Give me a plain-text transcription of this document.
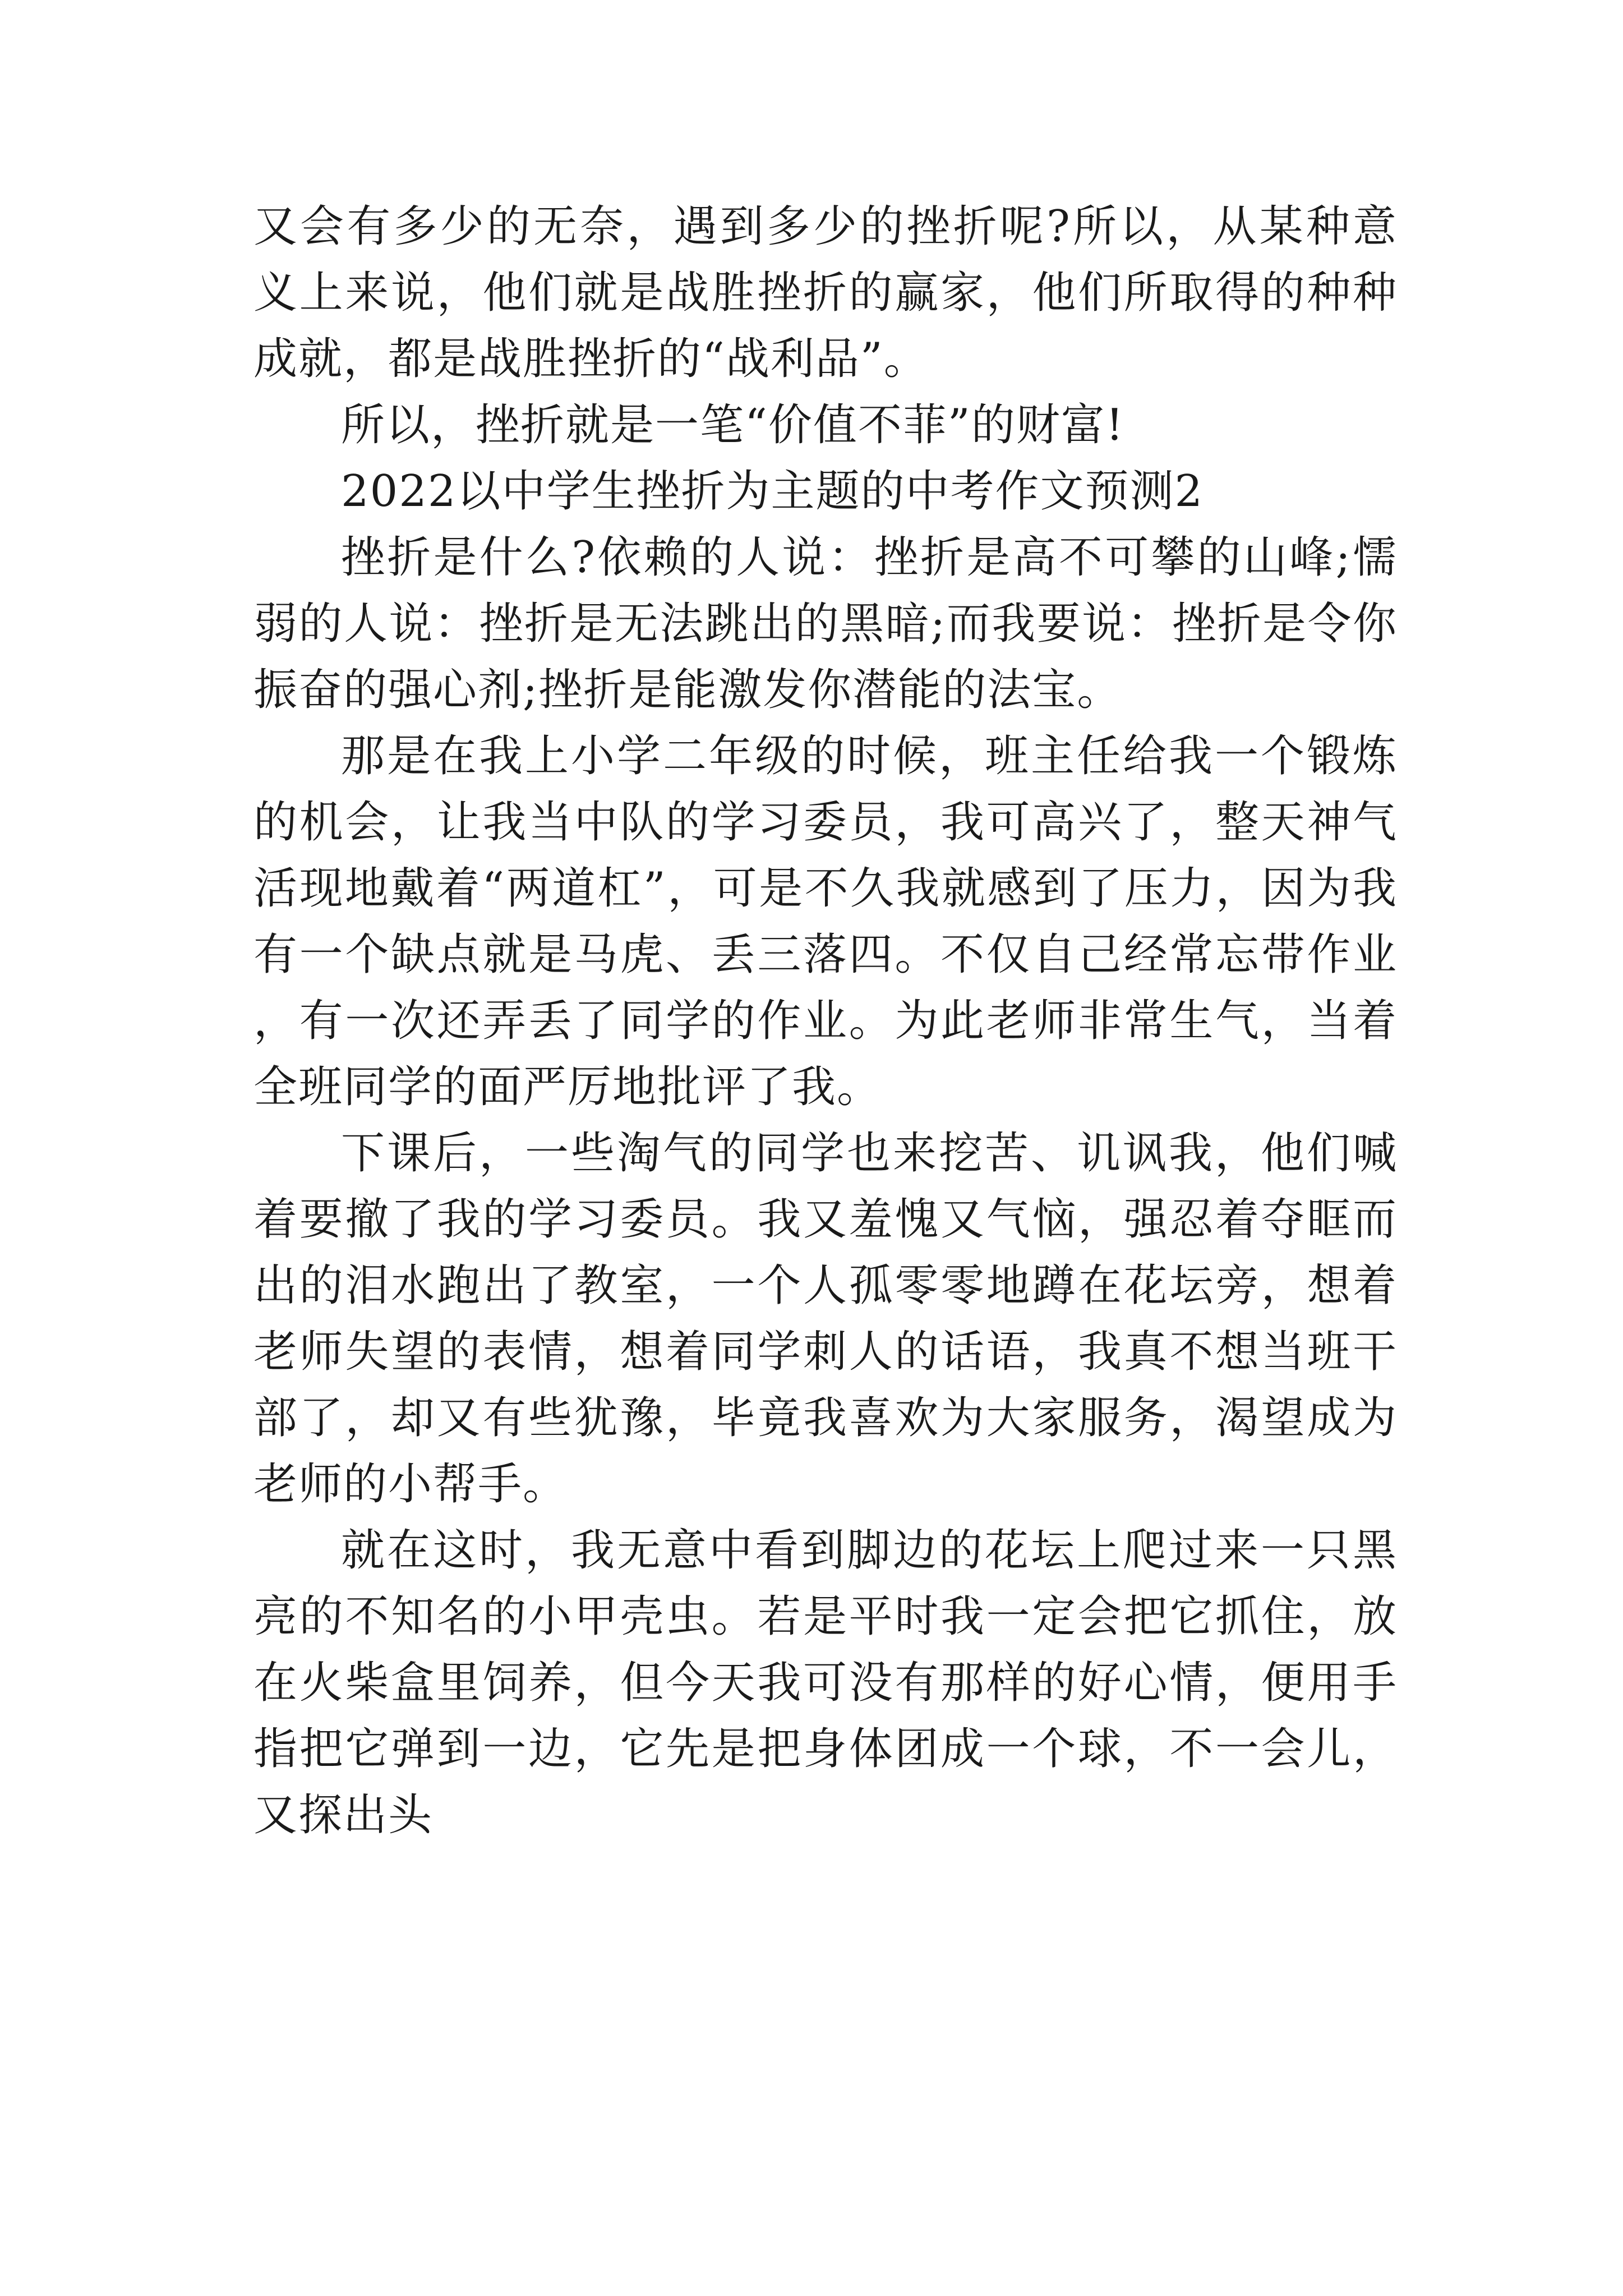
又会有多少的无奈，遇到多少的挫折呢?所以，从某种意义上来说，他们就是战胜挫折的赢家，他们所取得的种种成就，都是战胜挫折的“战利品”。

所以，挫折就是一笔“价值不菲”的财富!

2022以中学生挫折为主题的中考作文预测2

挫折是什么?依赖的人说：挫折是高不可攀的山峰;懦弱的人说：挫折是无法跳出的黑暗;而我要说：挫折是令你振奋的强心剂;挫折是能激发你潜能的法宝。

那是在我上小学二年级的时候，班主任给我一个锻炼的机会，让我当中队的学习委员，我可高兴了，整天神气活现地戴着“两道杠”，可是不久我就感到了压力，因为我有一个缺点就是马虎、丢三落四。不仅自己经常忘带作业，有一次还弄丢了同学的作业。为此老师非常生气，当着全班同学的面严厉地批评了我。

下课后，一些淘气的同学也来挖苦、讥讽我，他们喊着要撤了我的学习委员。我又羞愧又气恼，强忍着夺眶而出的泪水跑出了教室，一个人孤零零地蹲在花坛旁，想着老师失望的表情，想着同学刺人的话语，我真不想当班干部了，却又有些犹豫，毕竟我喜欢为大家服务，渴望成为老师的小帮手。

就在这时，我无意中看到脚边的花坛上爬过来一只黑亮的不知名的小甲壳虫。若是平时我一定会把它抓住，放在火柴盒里饲养，但今天我可没有那样的好心情，便用手指把它弹到一边，它先是把身体团成一个球，不一会儿，又探出头
